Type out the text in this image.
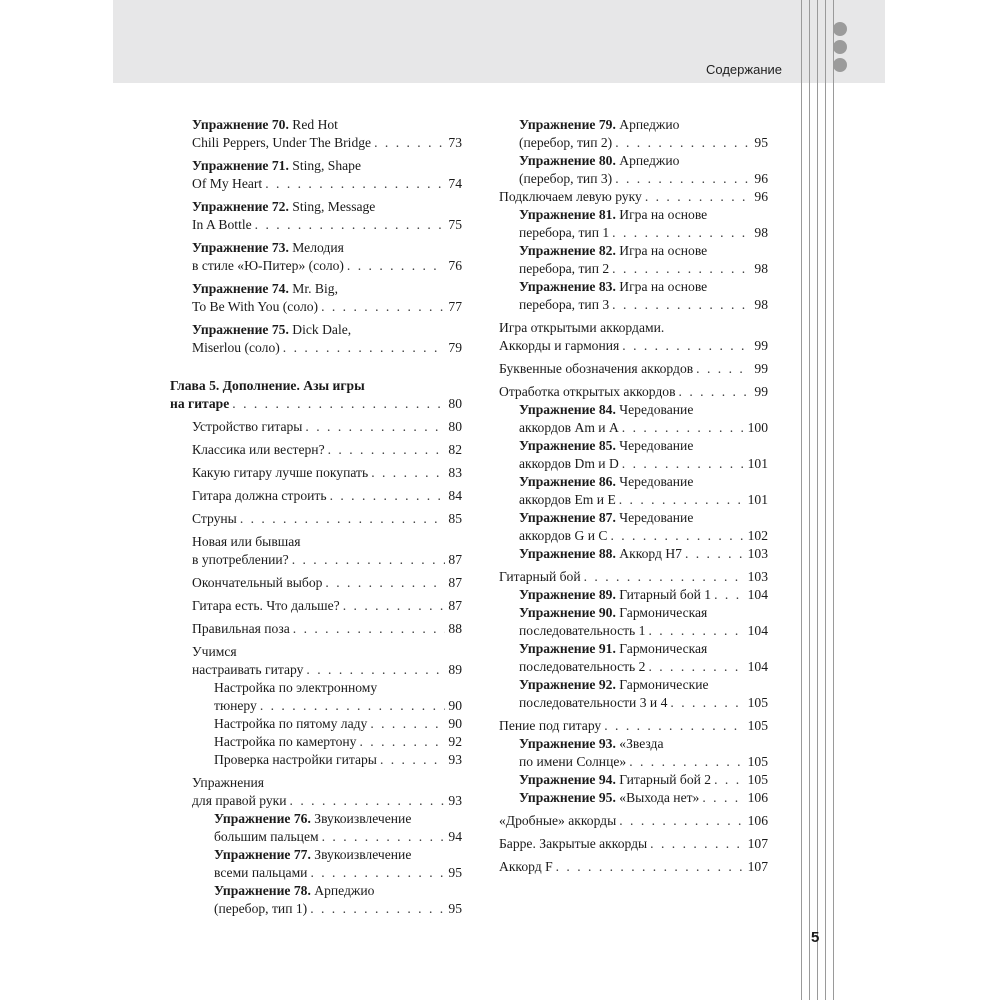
Содержание
Упражнение 70. Red Hot
Chili Peppers, Under The Bridge . . .	73
Упражнение 71. Sting, Shape
Of My Heart . . .	74
Упражнение 72. Sting, Message
In A Bottle . . .	75
Упражнение 73. Мелодия
в стиле «Ю-Питер» (соло) . . .	76
Упражнение 74. Mr. Big,
To Be With You (соло) . . .	77
Упражнение 75. Dick Dale,
Miserlou (соло) . . .	79
Глава 5. Дополнение. Азы игры
на гитаре . . .	80
Устройство гитары . . .	80
Классика или вестерн? . . .	82
Какую гитару лучше покупать . . .	83
Гитара должна строить . . .	84
Струны . . .	85
Новая или бывшая
в употреблении? . . .	87
Окончательный выбор . . .	87
Гитара есть. Что дальше? . . .	87
Правильная поза . . .	88
Учимся
настраивать гитару . . .	89
Настройка по электронному
тюнеру . . .	90
Настройка по пятому ладу . . .	90
Настройка по камертону . . .	92
Проверка настройки гитары . . .	93
Упражнения
для правой руки . . .	93
Упражнение 76. Звукоизвлечение
большим пальцем . . .	94
Упражнение 77. Звукоизвлечение
всеми пальцами . . .	95
Упражнение 78. Арпеджио
(перебор, тип 1) . . .	95
Упражнение 79. Арпеджио
(перебор, тип 2) . . .	95
Упражнение 80. Арпеджио
(перебор, тип 3) . . .	96
Подключаем левую руку . . .	96
Упражнение 81. Игра на основе
перебора, тип 1 . . .	98
Упражнение 82. Игра на основе
перебора, тип 2 . . .	98
Упражнение 83. Игра на основе
перебора, тип 3 . . .	98
Игра открытыми аккордами.
Аккорды и гармония . . .	99
Буквенные обозначения аккордов . . .	99
Отработка открытых аккордов . . .	99
Упражнение 84. Чередование
аккордов Am и A . . .	100
Упражнение 85. Чередование
аккордов Dm и D . . .	101
Упражнение 86. Чередование
аккордов Em и E . . .	101
Упражнение 87. Чередование
аккордов G и C . . .	102
Упражнение 88. Аккорд H7 . . .	103
Гитарный бой . . .	103
Упражнение 89. Гитарный бой 1 . . .	104
Упражнение 90. Гармоническая
последовательность 1 . . .	104
Упражнение 91. Гармоническая
последовательность 2 . . .	104
Упражнение 92. Гармонические
последовательности 3 и 4 . . .	105
Пение под гитару . . .	105
Упражнение 93. «Звезда
по имени Солнце» . . .	105
Упражнение 94. Гитарный бой 2 . . .	105
Упражнение 95. «Выхода нет» . . .	106
«Дробные» аккорды . . .	106
Барре. Закрытые аккорды . . .	107
Аккорд F . . .	107
5
